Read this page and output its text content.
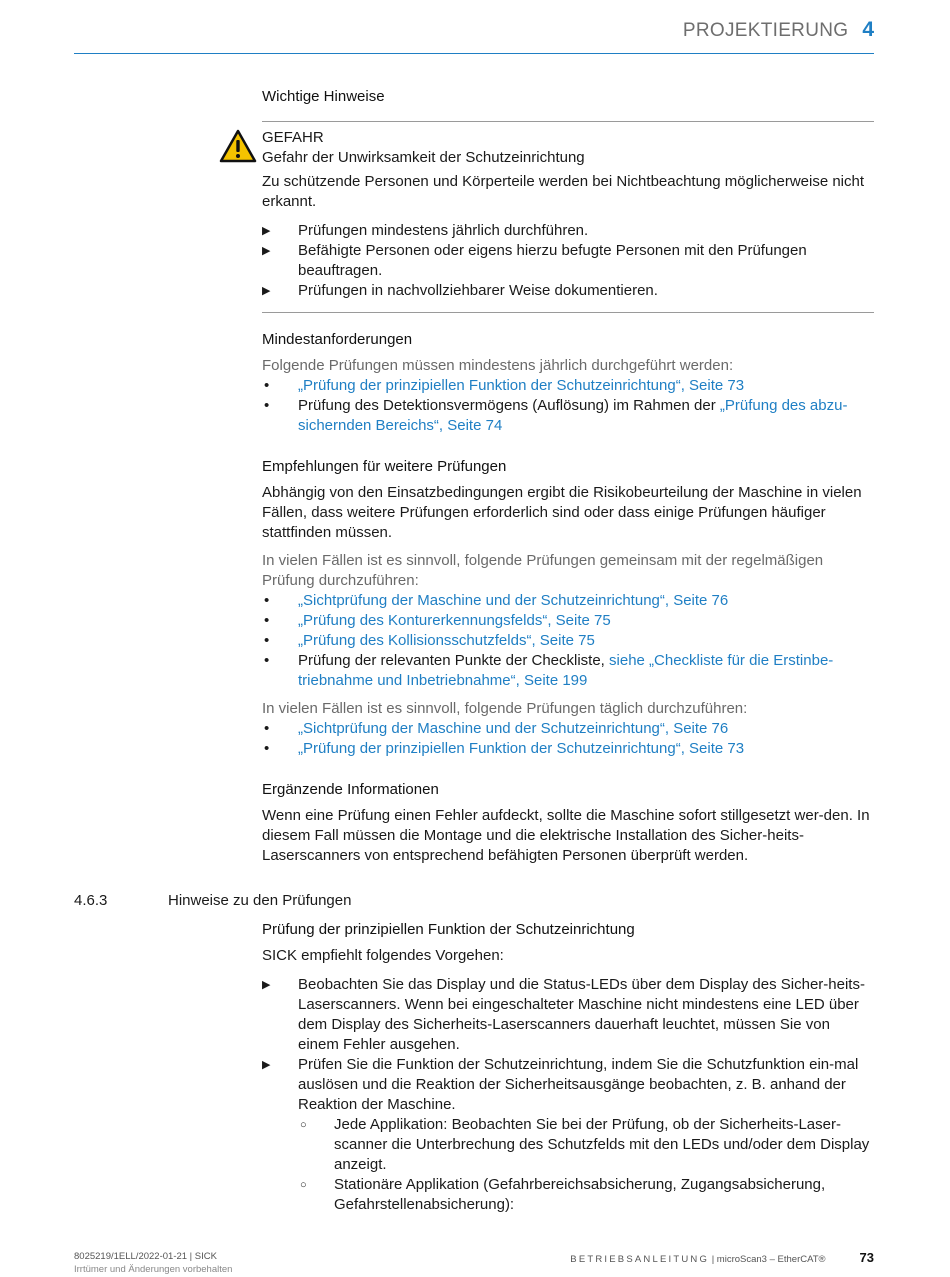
PROJEKTIERUNG 4
Wichtige Hinweise
GEFAHR
Gefahr der Unwirksamkeit der Schutzeinrichtung
Zu schützende Personen und Körperteile werden bei Nichtbeachtung möglicherweise nicht erkannt.
▶ Prüfungen mindestens jährlich durchführen.
▶ Befähigte Personen oder eigens hierzu befugte Personen mit den Prüfungen beauftragen.
▶ Prüfungen in nachvollziehbarer Weise dokumentieren.
Mindestanforderungen
Folgende Prüfungen müssen mindestens jährlich durchgeführt werden:
• „Prüfung der prinzipiellen Funktion der Schutzeinrichtung“, Seite 73
• Prüfung des Detektionsvermögens (Auflösung) im Rahmen der „Prüfung des abzu-sichernden Bereichs“, Seite 74
Empfehlungen für weitere Prüfungen
Abhängig von den Einsatzbedingungen ergibt die Risikobeurteilung der Maschine in vielen Fällen, dass weitere Prüfungen erforderlich sind oder dass einige Prüfungen häufiger stattfinden müssen.
In vielen Fällen ist es sinnvoll, folgende Prüfungen gemeinsam mit der regelmäßigen Prüfung durchzuführen:
• „Sichtprüfung der Maschine und der Schutzeinrichtung“, Seite 76
• „Prüfung des Konturerkennungsfelds“, Seite 75
• „Prüfung des Kollisionsschutzfelds“, Seite 75
• Prüfung der relevanten Punkte der Checkliste, siehe „Checkliste für die Erstinbe-triebnahme und Inbetriebnahme“, Seite 199
In vielen Fällen ist es sinnvoll, folgende Prüfungen täglich durchzuführen:
• „Sichtprüfung der Maschine und der Schutzeinrichtung“, Seite 76
• „Prüfung der prinzipiellen Funktion der Schutzeinrichtung“, Seite 73
Ergänzende Informationen
Wenn eine Prüfung einen Fehler aufdeckt, sollte die Maschine sofort stillgesetzt wer-den. In diesem Fall müssen die Montage und die elektrische Installation des Sicher-heits-Laserscanners von entsprechend befähigten Personen überprüft werden.
4.6.3	Hinweise zu den Prüfungen
Prüfung der prinzipiellen Funktion der Schutzeinrichtung
SICK empfiehlt folgendes Vorgehen:
▶ Beobachten Sie das Display und die Status-LEDs über dem Display des Sicher-heits-Laserscanners. Wenn bei eingeschalteter Maschine nicht mindestens eine LED über dem Display des Sicherheits-Laserscanners dauerhaft leuchtet, müssen Sie von einem Fehler ausgehen.
▶ Prüfen Sie die Funktion der Schutzeinrichtung, indem Sie die Schutzfunktion ein-mal auslösen und die Reaktion der Sicherheitsausgänge beobachten, z. B. anhand der Reaktion der Maschine.
○ Jede Applikation: Beobachten Sie bei der Prüfung, ob der Sicherheits-Laser-scanner die Unterbrechung des Schutzfelds mit den LEDs und/oder dem Display anzeigt.
○ Stationäre Applikation (Gefahrbereichsabsicherung, Zugangsabsicherung, Gefahrstellenabsicherung):
8025219/1ELL/2022-01-21 | SICK
Irrtümer und Änderungen vorbehalten
BETRIEBSANLEITUNG | microScan3 – EtherCAT®	73
